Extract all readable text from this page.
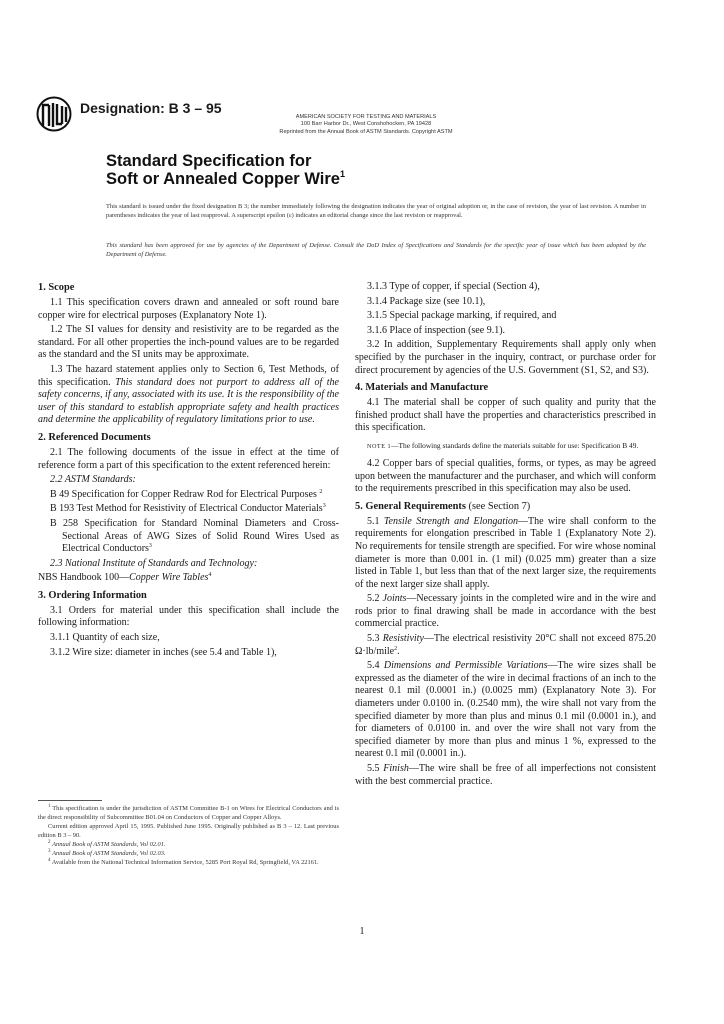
Designation: B 3 – 95
AMERICAN SOCIETY FOR TESTING AND MATERIALS
100 Barr Harbor Dr., West Conshohocken, PA 19428
Reprinted from the Annual Book of ASTM Standards. Copyright ASTM
Standard Specification for
Soft or Annealed Copper Wire$^1$

This standard is issued under the fixed designation B 3; the number immediately following the designation indicates the year of original adoption or, in the case of revision, the year of last revision. A number in parentheses indicates the year of last reapproval. A superscript epsilon (ε) indicates an editorial change since the last revision or reapproval.

This standard has been approved for use by agencies of the Department of Defense. Consult the DoD Index of Specifications and Standards for the specific year of issue which has been adopted by the Department of Defense.

1. Scope

1.1 This specification covers drawn and annealed or soft round bare copper wire for electrical purposes (Explanatory Note 1).

1.2 The SI values for density and resistivity are to be regarded as the standard. For all other properties the inch-pound values are to be regarded as the standard and the SI units may be approximate.

1.3 The hazard statement applies only to Section 6, Test Methods, of this specification. This standard does not purport to address all of the safety concerns, if any, associated with its use. It is the responsibility of the user of this standard to establish appropriate safety and health practices and determine the applicability of regulatory limitations prior to use.

2. Referenced Documents

2.1 The following documents of the issue in effect at the time of reference form a part of this specification to the extent referenced herein:

2.2 ASTM Standards:

B 49 Specification for Copper Redraw Rod for Electrical Purposes $^2$

B 193 Test Method for Resistivity of Electrical Conductor Materials$^3$

B 258 Specification for Standard Nominal Diameters and Cross-Sectional Areas of AWG Sizes of Solid Round Wires Used as Electrical Conductors$^3$

2.3 National Institute of Standards and Technology:

NBS Handbook 100—Copper Wire Tables$^4$

3. Ordering Information

3.1 Orders for material under this specification shall include the following information:

3.1.1 Quantity of each size,

3.1.2 Wire size: diameter in inches (see 5.4 and Table 1),

$^1$ This specification is under the jurisdiction of ASTM Committee B-1 on Wires for Electrical Conductors and is the direct responsibility of Subcommittee B01.04 on Conductors of Copper and Copper Alloys.

Current edition approved April 15, 1995. Published June 1995. Originally published as B 3 – 12. Last previous edition B 3 – 90.

$^2$ Annual Book of ASTM Standards, Vol 02.01.

$^3$ Annual Book of ASTM Standards, Vol 02.03.

$^4$ Available from the National Technical Information Service, 5285 Port Royal Rd, Springfield, VA 22161.

3.1.3 Type of copper, if special (Section 4),

3.1.4 Package size (see 10.1),

3.1.5 Special package marking, if required, and

3.1.6 Place of inspection (see 9.1).

3.2 In addition, Supplementary Requirements shall apply only when specified by the purchaser in the inquiry, contract, or purchase order for direct procurement by agencies of the U.S. Government (S1, S2, and S3).

4. Materials and Manufacture

4.1 The material shall be copper of such quality and purity that the finished product shall have the properties and characteristics prescribed in this specification.

NOTE 1—The following standards define the materials suitable for use: Specification B 49.

4.2 Copper bars of special qualities, forms, or types, as may be agreed upon between the manufacturer and the purchaser, and which will conform to the requirements prescribed in this specification may also be used.

5. General Requirements (see Section 7)

5.1 Tensile Strength and Elongation—The wire shall conform to the requirements for elongation prescribed in Table 1 (Explanatory Note 2). No requirements for tensile strength are specified. For wire whose nominal diameter is more than 0.001 in. (1 mil) (0.025 mm) greater than a size listed in Table 1, but less than that of the next larger size, the requirements of the next larger size shall apply.

5.2 Joints—Necessary joints in the completed wire and in the wire and rods prior to final drawing shall be made in accordance with the best commercial practice.

5.3 Resistivity—The electrical resistivity 20°C shall not exceed 875.20 Ω·lb/mile$^2$.

5.4 Dimensions and Permissible Variations—The wire sizes shall be expressed as the diameter of the wire in decimal fractions of an inch to the nearest 0.1 mil (0.0001 in.) (0.0025 mm) (Explanatory Note 3). For diameters under 0.0100 in. (0.2540 mm), the wire shall not vary from the specified diameter by more than plus and minus 0.1 mil (0.0001 in.), and for diameters of 0.0100 in. and over the wire shall not vary from the specified diameter by more than plus and minus 1 %, expressed to the nearest 0.1 mil (0.0001 in.).

5.5 Finish—The wire shall be free of all imperfections not consistent with the best commercial practice.

1
